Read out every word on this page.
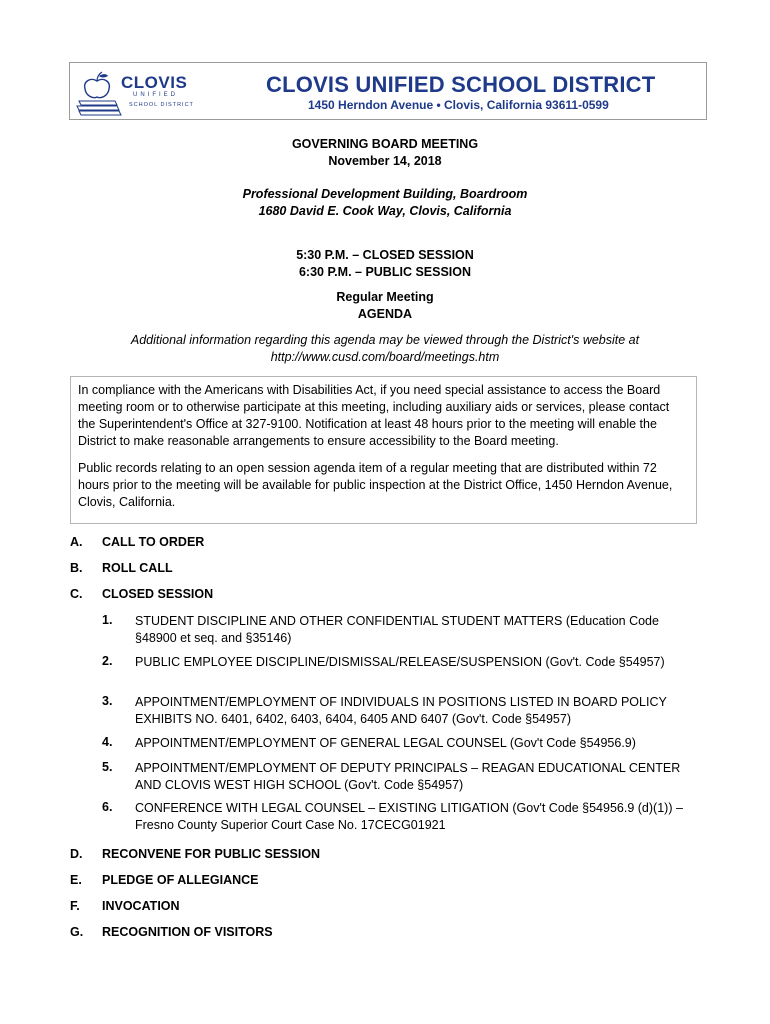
CLOVIS
UNIFIED
SCHOOL DISTRICT
CLOVIS UNIFIED SCHOOL DISTRICT
1450 Herndon Avenue • Clovis, California 93611-0599
GOVERNING BOARD MEETING
November 14, 2018
Professional Development Building, Boardroom
1680 David E. Cook Way, Clovis, California
5:30 P.M. – CLOSED SESSION
6:30 P.M. – PUBLIC SESSION
Regular Meeting
AGENDA
Additional information regarding this agenda may be viewed through the District's website at
http://www.cusd.com/board/meetings.htm

In compliance with the Americans with Disabilities Act, if you need special assistance to access the Board meeting room or to otherwise participate at this meeting, including auxiliary aids or services, please contact the Superintendent's Office at 327-9100. Notification at least 48 hours prior to the meeting will enable the District to make reasonable arrangements to ensure accessibility to the Board meeting.

Public records relating to an open session agenda item of a regular meeting that are distributed within 72 hours prior to the meeting will be available for public inspection at the District Office, 1450 Herndon Avenue, Clovis, California.

A. CALL TO ORDER
B. ROLL CALL
C. CLOSED SESSION
1. STUDENT DISCIPLINE AND OTHER CONFIDENTIAL STUDENT MATTERS (Education Code §48900 et seq. and §35146)
2. PUBLIC EMPLOYEE DISCIPLINE/DISMISSAL/RELEASE/SUSPENSION (Gov't. Code §54957)
3. APPOINTMENT/EMPLOYMENT OF INDIVIDUALS IN POSITIONS LISTED IN BOARD POLICY EXHIBITS NO. 6401, 6402, 6403, 6404, 6405 AND 6407 (Gov't. Code §54957)
4. APPOINTMENT/EMPLOYMENT OF GENERAL LEGAL COUNSEL (Gov't Code §54956.9)
5. APPOINTMENT/EMPLOYMENT OF DEPUTY PRINCIPALS – REAGAN EDUCATIONAL CENTER AND CLOVIS WEST HIGH SCHOOL (Gov't. Code §54957)
6. CONFERENCE WITH LEGAL COUNSEL – EXISTING LITIGATION (Gov't Code §54956.9 (d)(1)) – Fresno County Superior Court Case No. 17CECG01921
D. RECONVENE FOR PUBLIC SESSION
E. PLEDGE OF ALLEGIANCE
F. INVOCATION
G. RECOGNITION OF VISITORS
